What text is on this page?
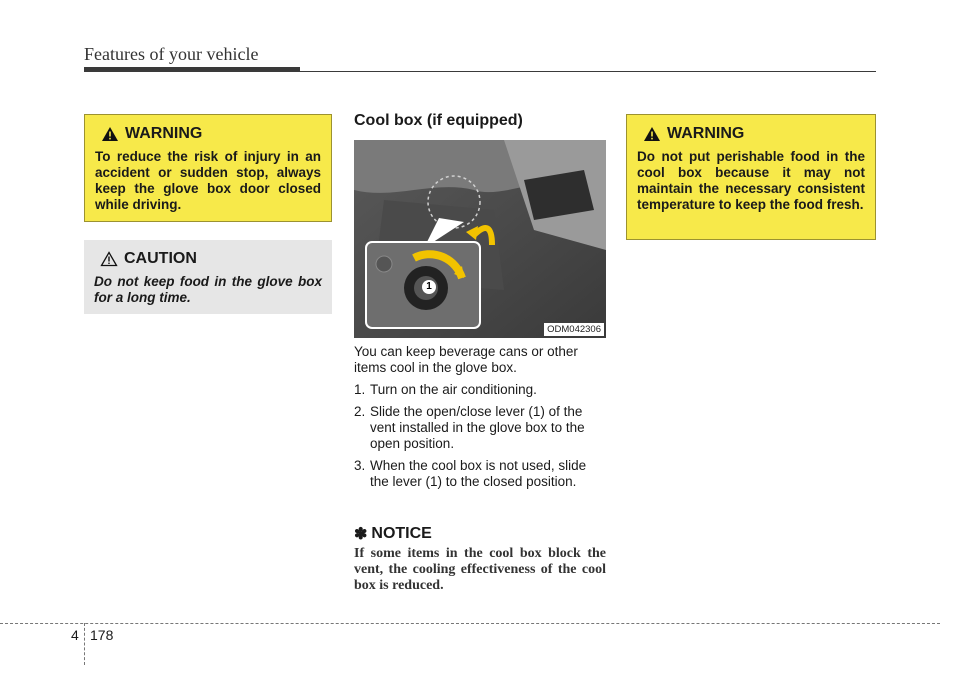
Features of your vehicle
WARNING
To reduce the risk of injury in an accident or sudden stop, always keep the glove box door closed while driving.
CAUTION
Do not keep food in the glove box for a long time.
Cool box (if equipped)
1
ODM042306

You can keep beverage cans or other items cool in the glove box.

1. Turn on the air conditioning.
2. Slide the open/close lever (1) of the vent installed in the glove box to the open position.
3. When the cool box is not used, slide the lever (1) to the closed position.
✽ NOTICE
If some items in the cool box block the vent, the cooling effectiveness of the cool box is reduced.
WARNING
Do not put perishable food in the cool box because it may not maintain the necessary consistent temperature to keep the food fresh.
4 178
